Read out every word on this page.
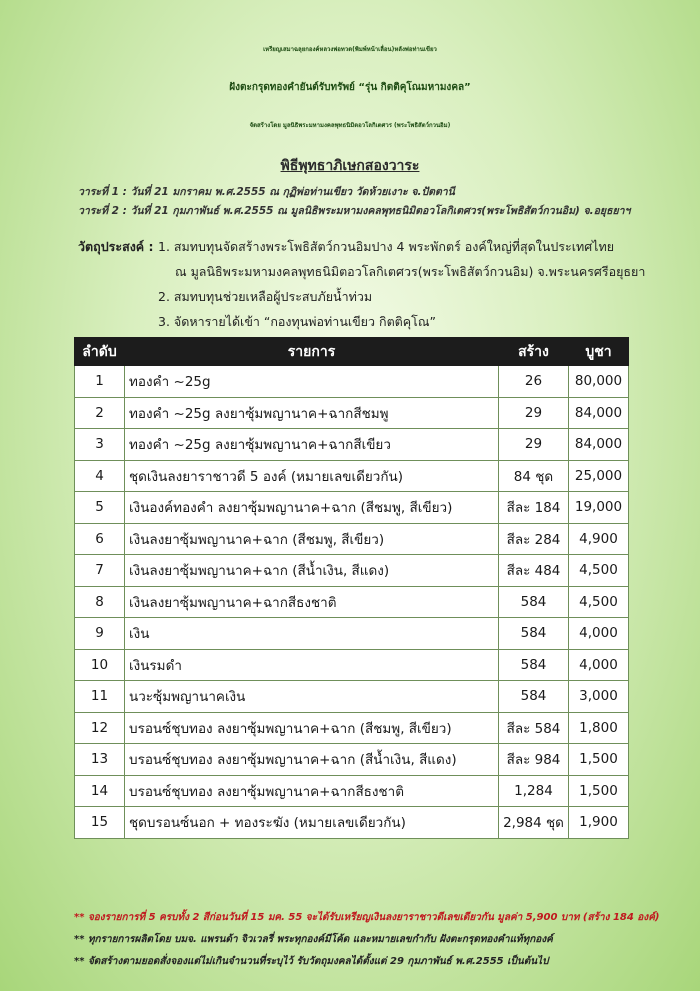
เหรียญเสมาฉลุยกองค์หลวงพ่อทวด(พิมพ์หน้าเลื่อน)หลังพ่อท่านเขียว
ฝังตะกรุดทองคำยันต์รับทรัพย์ “รุ่น กิตติคุโณมหามงคล”
จัดสร้างโดย มูลนิธิพระมหามงคลพุทธนิมิตอวโลกิเตศวร (พระโพธิสัตว์กวนอิม)
พิธีพุทธาภิเษกสองวาระ
วาระที่ 1 : วันที่ 21 มกราคม พ.ศ.2555 ณ กุฏิพ่อท่านเขียว วัดห้วยเงาะ จ.ปัตตานี
วาระที่ 2 : วันที่ 21 กุมภาพันธ์ พ.ศ.2555 ณ มูลนิธิพระมหามงคลพุทธนิมิตอวโลกิเตศวร(พระโพธิสัตว์กวนอิม) จ.อยุธยาฯ
วัตถุประสงค์ : 1. สมทบทุนจัดสร้างพระโพธิสัตว์กวนอิมปาง 4 พระพักตร์ องค์ใหญ่ที่สุดในประเทศไทย
ณ มูลนิธิพระมหามงคลพุทธนิมิตอวโลกิเตศวร(พระโพธิสัตว์กวนอิม) จ.พระนครศรีอยุธยา
2. สมทบทุนช่วยเหลือผู้ประสบภัยน้ำท่วม
3. จัดหารายได้เข้า “กองทุนพ่อท่านเขียว กิตติคุโณ”
ลำดับ	รายการ	สร้าง	บูชา
1	ทองคำ ~25g	26	80,000
2	ทองคำ ~25g ลงยาซุ้มพญานาค+ฉากสีชมพู	29	84,000
3	ทองคำ ~25g ลงยาซุ้มพญานาค+ฉากสีเขียว	29	84,000
4	ชุดเงินลงยาราชาวดี 5 องค์ (หมายเลขเดียวกัน)	84 ชุด	25,000
5	เงินองค์ทองคำ ลงยาซุ้มพญานาค+ฉาก (สีชมพู, สีเขียว)	สีละ 184	19,000
6	เงินลงยาซุ้มพญานาค+ฉาก (สีชมพู, สีเขียว)	สีละ 284	4,900
7	เงินลงยาซุ้มพญานาค+ฉาก (สีน้ำเงิน, สีแดง)	สีละ 484	4,500
8	เงินลงยาซุ้มพญานาค+ฉากสีธงชาติ	584	4,500
9	เงิน	584	4,000
10	เงินรมดำ	584	4,000
11	นวะซุ้มพญานาคเงิน	584	3,000
12	บรอนซ์ชุบทอง ลงยาซุ้มพญานาค+ฉาก (สีชมพู, สีเขียว)	สีละ 584	1,800
13	บรอนซ์ชุบทอง ลงยาซุ้มพญานาค+ฉาก (สีน้ำเงิน, สีแดง)	สีละ 984	1,500
14	บรอนซ์ชุบทอง ลงยาซุ้มพญานาค+ฉากสีธงชาติ	1,284	1,500
15	ชุดบรอนซ์นอก + ทองระฆัง (หมายเลขเดียวกัน)	2,984 ชุด	1,900
** จองรายการที่ 5 ครบทั้ง 2 สีก่อนวันที่ 15 มค. 55 จะได้รับเหรียญเงินลงยาราชาวดีเลขเดียวกัน มูลค่า 5,900 บาท (สร้าง 184 องค์)
** ทุกรายการผลิตโดย บมจ. แพรนด้า จิวเวลรี่ พระทุกองค์มีโค้ด และหมายเลขกำกับ ฝังตะกรุดทองคำแท้ทุกองค์
** จัดสร้างตามยอดสั่งจองแต่ไม่เกินจำนวนที่ระบุไว้ รับวัตถุมงคลได้ตั้งแต่ 29 กุมภาพันธ์ พ.ศ.2555 เป็นต้นไป
